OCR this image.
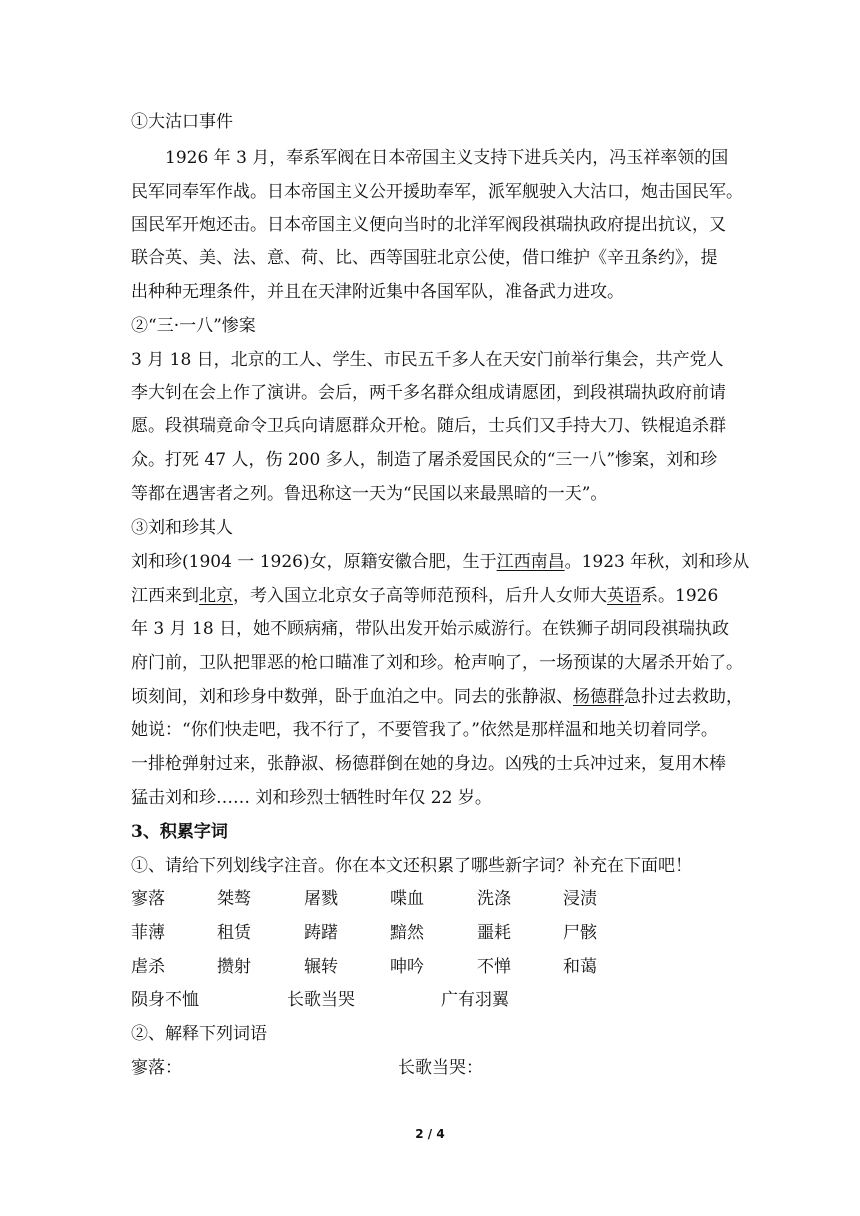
①大沽口事件
1926 年 3 月，奉系军阀在日本帝国主义支持下进兵关内，冯玉祥率领的国
民军同奉军作战。日本帝国主义公开援助奉军，派军舰驶入大沽口，炮击国民军。
国民军开炮还击。日本帝国主义便向当时的北洋军阀段祺瑞执政府提出抗议，又
联合英、美、法、意、荷、比、西等国驻北京公使，借口维护《辛丑条约》，提
出种种无理条件，并且在天津附近集中各国军队，准备武力进攻。
②“三·一八”惨案
3 月 18 日，北京的工人、学生、市民五千多人在天安门前举行集会，共产党人
李大钊在会上作了演讲。会后，两千多名群众组成请愿团，到段祺瑞执政府前请
愿。段祺瑞竟命令卫兵向请愿群众开枪。随后，士兵们又手持大刀、铁棍追杀群
众。打死 47 人，伤 200 多人，制造了屠杀爱国民众的“三一八”惨案，刘和珍
等都在遇害者之列。鲁迅称这一天为“民国以来最黑暗的一天”。
③刘和珍其人
刘和珍(1904 一 1926)女，原籍安徽合肥，生于江西南昌。1923 年秋，刘和珍从
江西来到北京，考入国立北京女子高等师范预科，后升人女师大英语系。1926
年 3 月 18 日，她不顾病痛，带队出发开始示威游行。在铁狮子胡同段祺瑞执政
府门前，卫队把罪恶的枪口瞄准了刘和珍。枪声响了，一场预谋的大屠杀开始了。
顷刻间，刘和珍身中数弹，卧于血泊之中。同去的张静淑、杨德群急扑过去救助，
她说：“你们快走吧，我不行了，不要管我了。”依然是那样温和地关切着同学。
一排枪弹射过来，张静淑、杨德群倒在她的身边。凶残的士兵冲过来，复用木棒
猛击刘和珍…… 刘和珍烈士牺牲时年仅 22 岁。
3、积累字词
①、请给下列划线字注音。你在本文还积累了哪些新字词？补充在下面吧！
寥落	桀骜	屠戮	喋血	洗涤	浸渍
菲薄	租赁	踌躇	黯然	噩耗	尸骸
虐杀	攒射	辗转	呻吟	不惮	和蔼
陨身不恤	长歌当哭	广有羽翼
②、解释下列词语
寥落：	长歌当哭：
2 / 4
